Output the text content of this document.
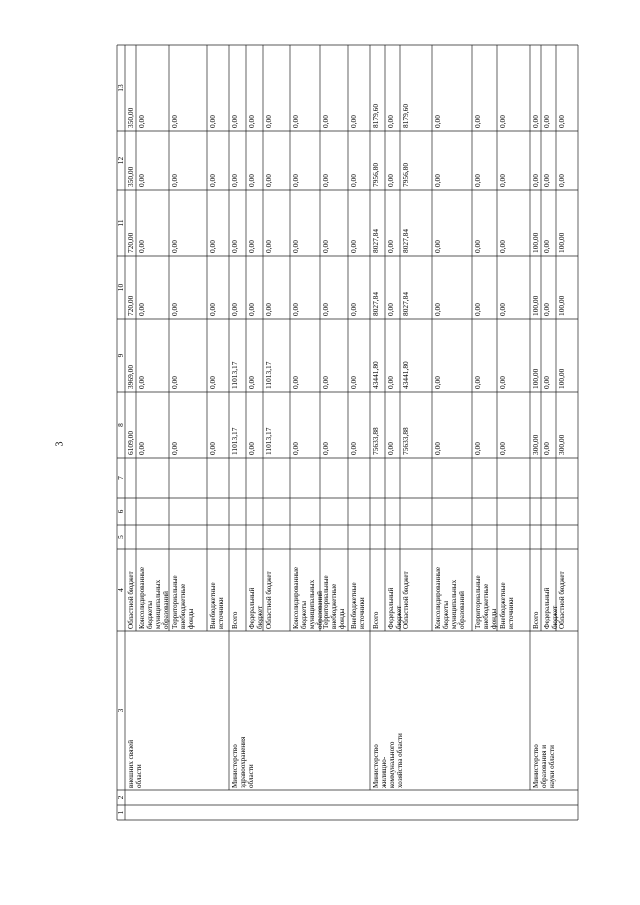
3
1
2
3
4
5
6
7
8
9
10
11
12
13
6109,00
3969,00
720,00
720,00
350,00
350,00
Областной бюджет
внешних связей области
0,00
0,00
0,00
0,00
0,00
0,00
Консолидированные бюджеты муниципальных образований
0,00
0,00
0,00
0,00
0,00
0,00
Территориальные внебюджетные фонды
0,00
0,00
0,00
0,00
0,00
0,00
Внебюджетные источники
11013,17
11013,17
0,00
0,00
0,00
0,00
Всего
Министерство здравоохранения области
0,00
0,00
0,00
0,00
0,00
0,00
Федеральный бюджет
11013,17
11013,17
0,00
0,00
0,00
0,00
Областной бюджет
0,00
0,00
0,00
0,00
0,00
0,00
Консолидированные бюджеты муниципальных образований
0,00
0,00
0,00
0,00
0,00
0,00
Территориальные внебюджетные фонды
0,00
0,00
0,00
0,00
0,00
0,00
Внебюджетные источники
75633,88
43441,80
8027,84
8027,84
7956,80
8179,60
Всего
Министерство жилищно- коммунального хозяйства области
0,00
0,00
0,00
0,00
0,00
0,00
Федеральный бюджет
75633,88
43441,80
8027,84
8027,84
7956,80
8179,60
Областной бюджет
0,00
0,00
0,00
0,00
0,00
0,00
Консолидированные бюджеты муниципальных образований
0,00
0,00
0,00
0,00
0,00
0,00
Территориальные внебюджетные фонды
0,00
0,00
0,00
0,00
0,00
0,00
Внебюджетные источники
300,00
100,00
100,00
100,00
0,00
0,00
Всего
Министерство образования и науки области
0,00
0,00
0,00
0,00
0,00
0,00
Федеральный бюджет
300,00
100,00
100,00
100,00
0,00
0,00
Областной бюджет
